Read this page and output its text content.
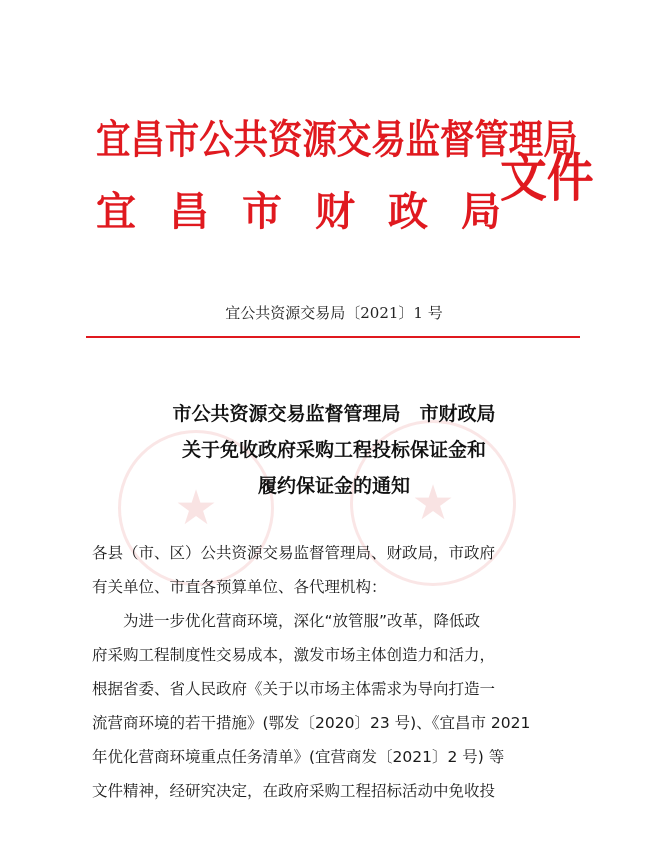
★	★
宜昌市公共资源交易监督管理局
宜 昌 市 财 政 局
文件
宜公共资源交易局〔2021〕1 号
市公共资源交易监督管理局　市财政局
关于免收政府采购工程投标保证金和
履约保证金的通知
各县（市、区）公共资源交易监督管理局、财政局，市政府
有关单位、市直各预算单位、各代理机构：
为进一步优化营商环境，深化“放管服”改革，降低政
府采购工程制度性交易成本，激发市场主体创造力和活力，
根据省委、省人民政府《关于以市场主体需求为导向打造一
流营商环境的若干措施》(鄂发〔2020〕23 号)、《宜昌市 2021
年优化营商环境重点任务清单》(宜营商发〔2021〕2 号) 等
文件精神，经研究决定，在政府采购工程招标活动中免收投
